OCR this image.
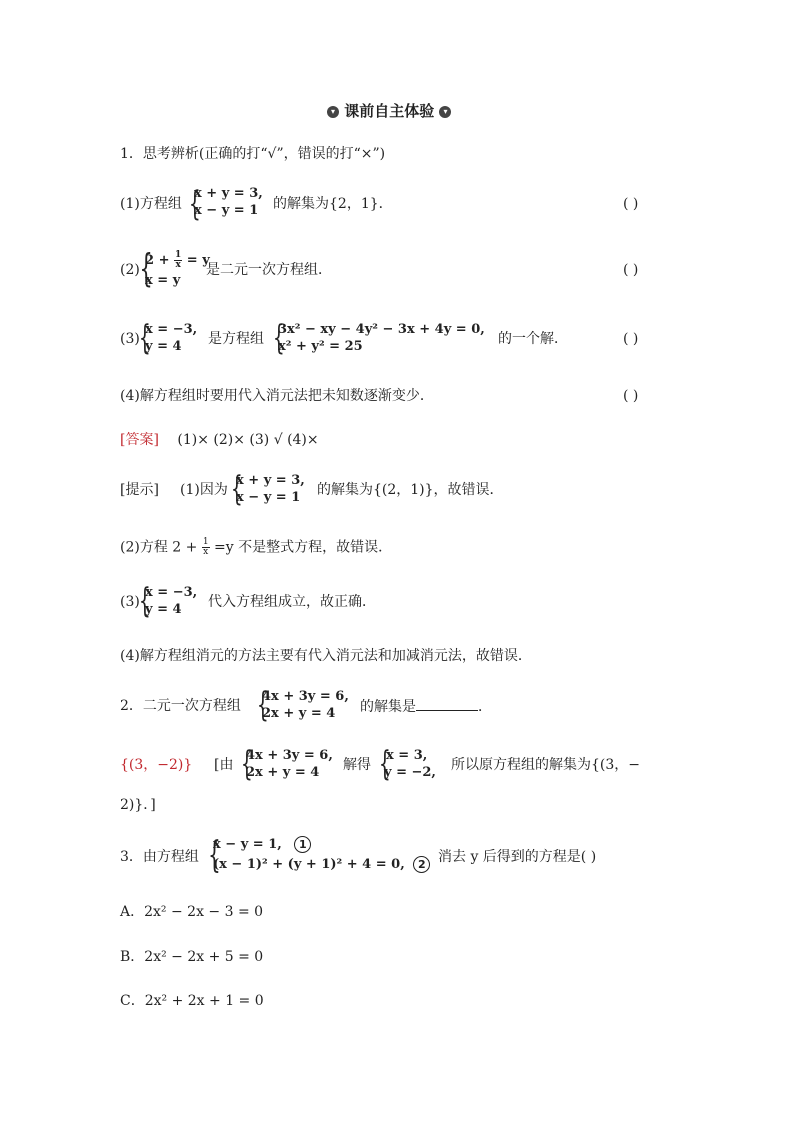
▾ 课前自主体验 ▾
1．思考辨析(正确的打“√”，错误的打“×”)
(1)方程组 {
x + y = 3,
x − y = 1 的解集为{2，1}．	( )
(2) {
$2 + \frac{1}{x} = y$
x = y
是二元一次方程组．	( )
(3) {
x = −3,
y = 4 是方程组 {
3x² − xy − 4y² − 3x + 4y = 0,
x² + y² = 25	的一个解．	( )
(4)解方程组时要用代入消元法把未知数逐渐变少．	( )
[答案] (1)× (2)× (3) √ (4)×
[提示] (1)因为 {
x + y = 3,
x − y = 1 的解集为{(2，1)}，故错误．
(2)方程 $2 + \frac{1}{x} =y$ 不是整式方程，故错误．
(3) {
x = −3,
y = 4 代入方程组成立，故正确．
(4)解方程组消元的方法主要有代入消元法和加减消元法，故错误．
2．二元一次方程组 {
4x + 3y = 6,
2x + y = 4 的解集是	．
{(3，−2)} [由 {
4x + 3y = 6,
2x + y = 4 解得 {
x = 3,
y = −2, 所以原方程组的解集为{(3，−
2)}．]
3．由方程组 {
x − y = 1, 1
(x − 1)² + (y + 1)² + 4 = 0, 2 消去 y 后得到的方程是( )
A．2x² − 2x − 3 = 0
B．2x² − 2x + 5 = 0
C．2x² + 2x + 1 = 0
